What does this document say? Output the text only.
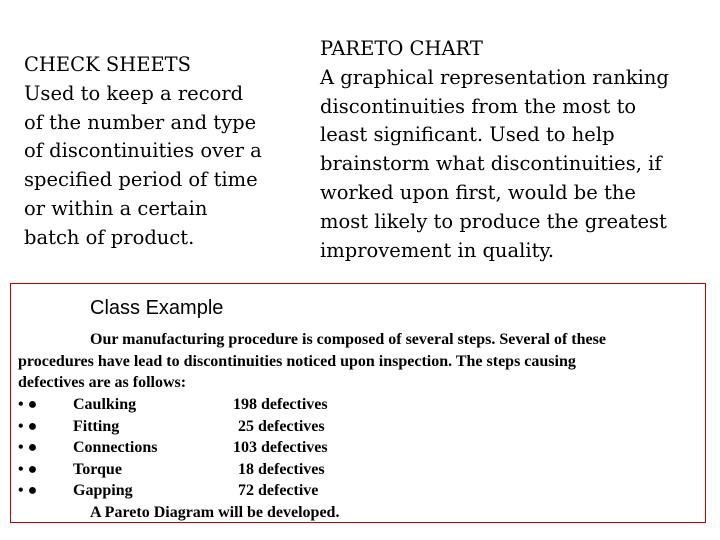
CHECK SHEETS
Used to keep a record
of the number and type
of discontinuities over a
specified period of time
or within a certain
batch of product.
PARETO CHART
A graphical representation ranking
discontinuities from the most to
least significant. Used to help
brainstorm what discontinuities, if
worked upon first, would be the
most likely to produce the greatest
improvement in quality.
Class Example
Our manufacturing procedure is composed of several steps. Several of these
procedures have lead to discontinuities noticed upon inspection. The steps causing
defectives are as follows:
• ● Caulking	198 defectives
• ● Fitting	25 defectives
• ● Connections	103 defectives
• ● Torque	18 defectives
• ● Gapping	72 defective
A Pareto Diagram will be developed.
